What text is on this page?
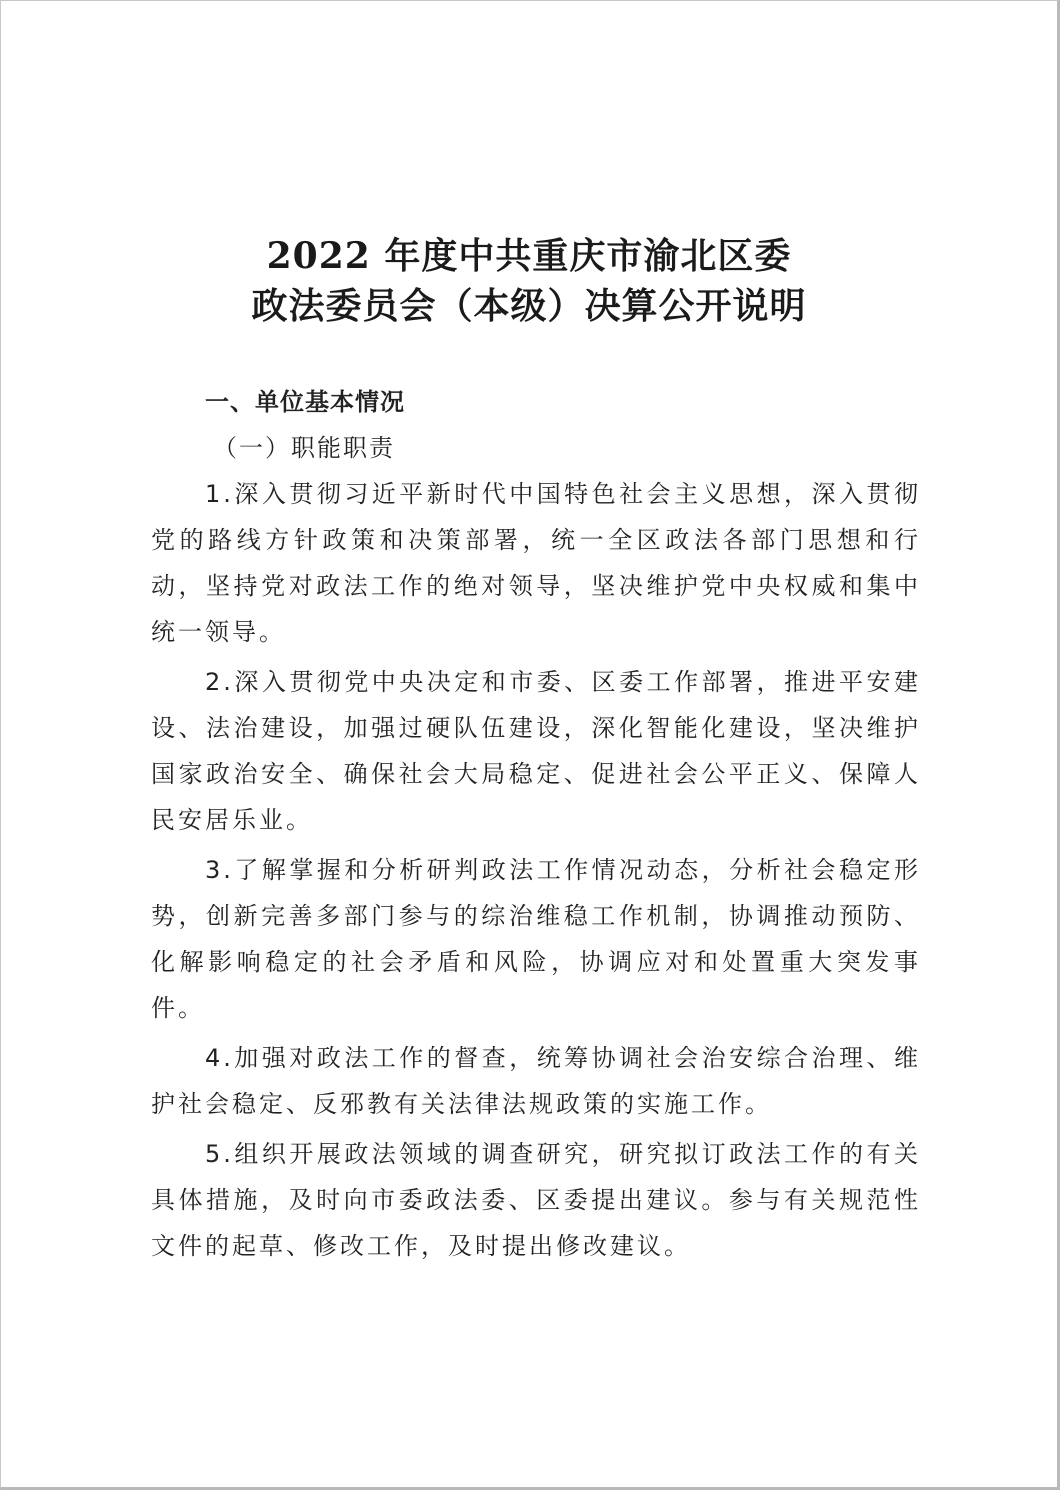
2022 年度中共重庆市渝北区委
政法委员会（本级）决算公开说明

一、单位基本情况

（一）职能职责

1.深入贯彻习近平新时代中国特色社会主义思想，深入贯彻党的路线方针政策和决策部署，统一全区政法各部门思想和行动，坚持党对政法工作的绝对领导，坚决维护党中央权威和集中统一领导。

2.深入贯彻党中央决定和市委、区委工作部署，推进平安建设、法治建设，加强过硬队伍建设，深化智能化建设，坚决维护国家政治安全、确保社会大局稳定、促进社会公平正义、保障人民安居乐业。

3.了解掌握和分析研判政法工作情况动态，分析社会稳定形势，创新完善多部门参与的综治维稳工作机制，协调推动预防、化解影响稳定的社会矛盾和风险，协调应对和处置重大突发事件。

4.加强对政法工作的督查，统筹协调社会治安综合治理、维护社会稳定、反邪教有关法律法规政策的实施工作。

5.组织开展政法领域的调查研究，研究拟订政法工作的有关具体措施，及时向市委政法委、区委提出建议。参与有关规范性文件的起草、修改工作，及时提出修改建议。
